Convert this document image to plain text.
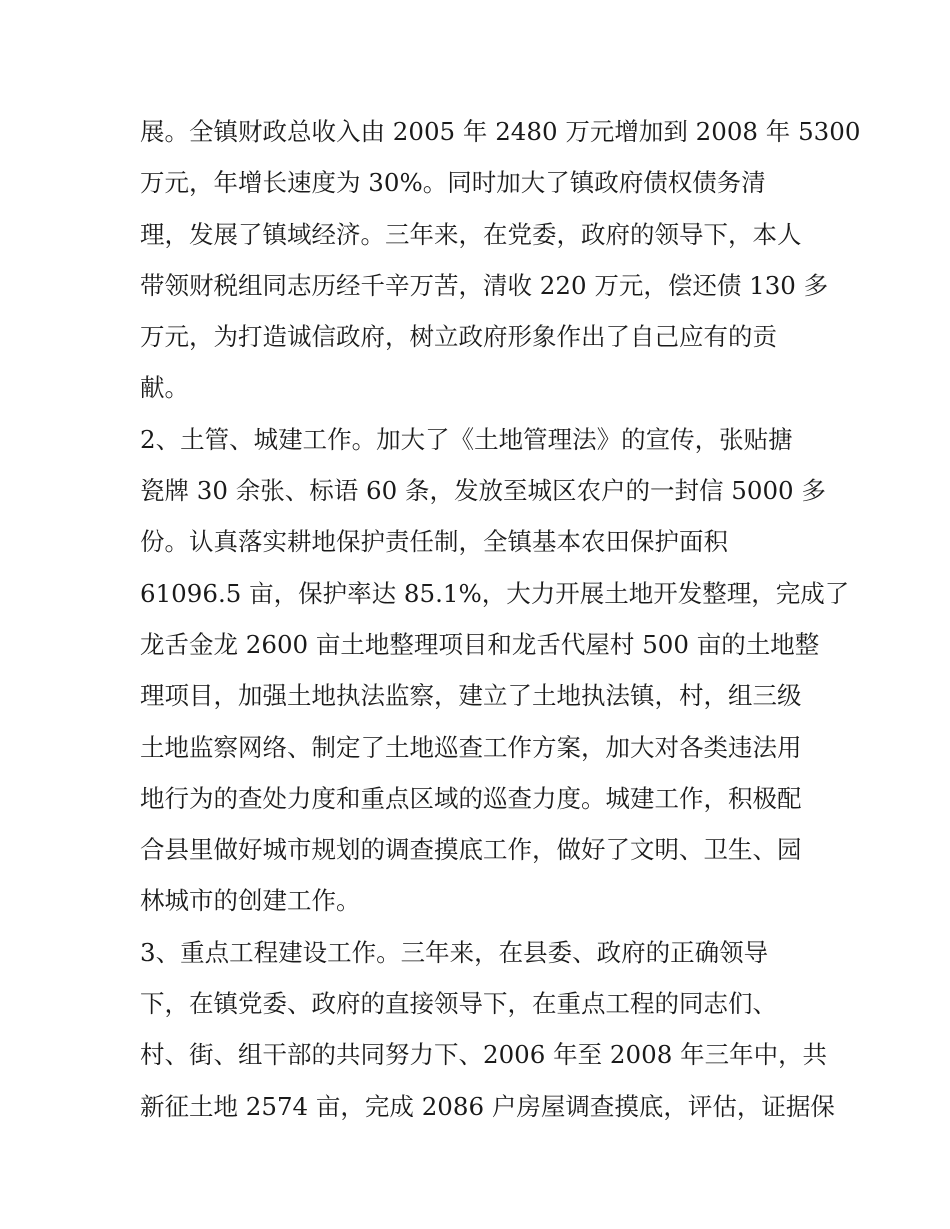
展。全镇财政总收入由 2005 年 2480 万元增加到 2008 年 5300
万元，年增长速度为 30%。同时加大了镇政府债权债务清
理，发展了镇域经济。三年来，在党委，政府的领导下，本人
带领财税组同志历经千辛万苦，清收 220 万元，偿还债 130 多
万元，为打造诚信政府，树立政府形象作出了自己应有的贡
献。
2、土管、城建工作。加大了《土地管理法》的宣传，张贴搪
瓷牌 30 余张、标语 60 条，发放至城区农户的一封信 5000 多
份。认真落实耕地保护责任制，全镇基本农田保护面积
61096.5 亩，保护率达 85.1%，大力开展土地开发整理，完成了
龙舌金龙 2600 亩土地整理项目和龙舌代屋村 500 亩的土地整
理项目，加强土地执法监察，建立了土地执法镇，村，组三级
土地监察网络、制定了土地巡查工作方案，加大对各类违法用
地行为的查处力度和重点区域的巡查力度。城建工作，积极配
合县里做好城市规划的调查摸底工作，做好了文明、卫生、园
林城市的创建工作。
3、重点工程建设工作。三年来，在县委、政府的正确领导
下，在镇党委、政府的直接领导下，在重点工程的同志们、
村、街、组干部的共同努力下、2006 年至 2008 年三年中，共
新征土地 2574 亩，完成 2086 户房屋调查摸底，评估，证据保
